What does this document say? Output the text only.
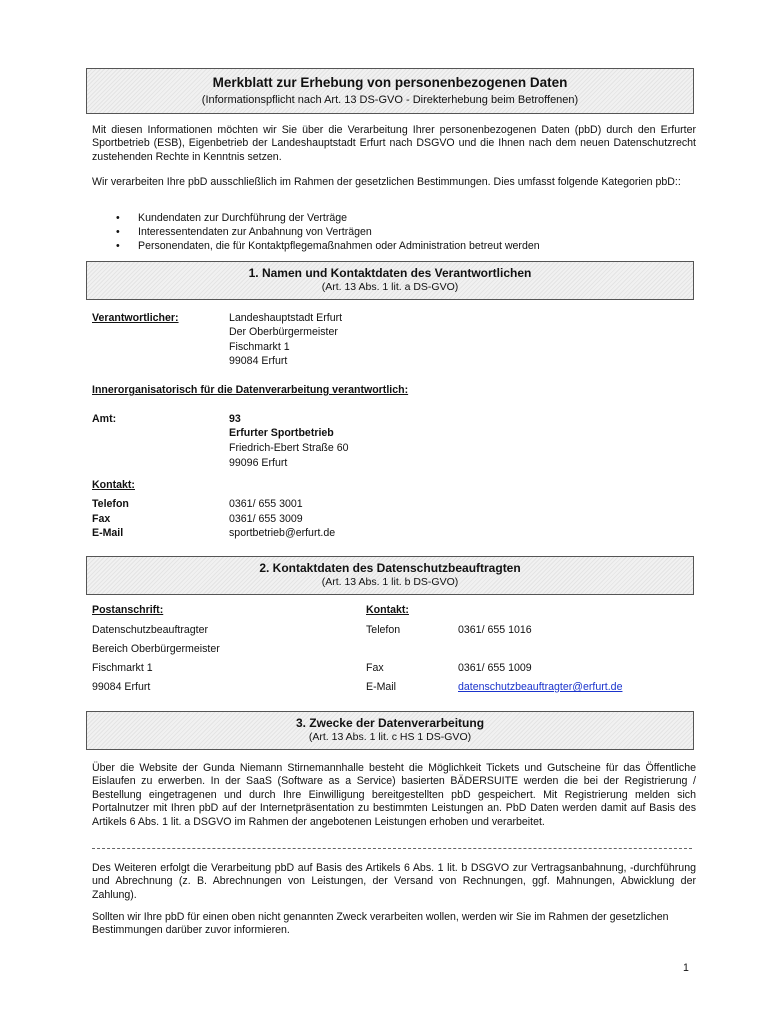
Merkblatt zur Erhebung von personenbezogenen Daten
(Informationspflicht nach Art. 13 DS-GVO - Direkterhebung beim Betroffenen)
Mit diesen Informationen möchten wir Sie über die Verarbeitung Ihrer personenbezogenen Daten (pbD) durch den Erfurter Sportbetrieb (ESB), Eigenbetrieb der Landeshauptstadt Erfurt nach DSGVO und die Ihnen nach dem neuen Datenschutzrecht zustehenden Rechte in Kenntnis setzen.
Wir verarbeiten Ihre pbD ausschließlich im Rahmen der gesetzlichen Bestimmungen. Dies umfasst folgende Kategorien pbD::
• Kundendaten zur Durchführung der Verträge
• Interessentendaten zur Anbahnung von Verträgen
• Personendaten, die für Kontaktpflegemaßnahmen oder Administration betreut werden
1. Namen und Kontaktdaten des Verantwortlichen
(Art. 13 Abs. 1 lit. a DS-GVO)
Verantwortlicher:	Landeshauptstadt Erfurt
Der Oberbürgermeister
Fischmarkt 1
99084 Erfurt
Innerorganisatorisch für die Datenverarbeitung verantwortlich:
Amt:	93
Erfurter Sportbetrieb
Friedrich-Ebert Straße 60
99096 Erfurt
Kontakt:
Telefon	0361/ 655 3001
Fax	0361/ 655 3009
E-Mail	sportbetrieb@erfurt.de
2. Kontaktdaten des Datenschutzbeauftragten
(Art. 13 Abs. 1 lit. b DS-GVO)
Postanschrift:	Kontakt:
Datenschutzbeauftragter	Telefon	0361/ 655 1016
Bereich Oberbürgermeister
Fischmarkt 1	Fax	0361/ 655 1009
99084 Erfurt	E-Mail	datenschutzbeauftragter@erfurt.de
3. Zwecke der Datenverarbeitung
(Art. 13 Abs. 1 lit. c HS 1 DS-GVO)
Über die Website der Gunda Niemann Stirnemannhalle besteht die Möglichkeit Tickets und Gutscheine für das Öffentliche Eislaufen zu erwerben. In der SaaS (Software as a Service) basierten BÄDERSUITE werden die bei der Registrierung / Bestellung eingetragenen und durch Ihre Einwilligung bereitgestellten pbD gespeichert. Mit Registrierung melden sich Portalnutzer mit Ihren pbD auf der Internetpräsentation zu bestimmten Leistungen an. PbD Daten werden damit auf Basis des Artikels 6 Abs. 1 lit. a DSGVO im Rahmen der angebotenen Leistungen erhoben und verarbeitet.
Des Weiteren erfolgt die Verarbeitung pbD auf Basis des Artikels 6 Abs. 1 lit. b DSGVO zur Vertragsanbahnung, -durchführung und Abrechnung (z. B. Abrechnungen von Leistungen, der Versand von Rechnungen, ggf. Mahnungen, Abwicklung der Zahlung).
Sollten wir Ihre pbD für einen oben nicht genannten Zweck verarbeiten wollen, werden wir Sie im Rahmen der gesetzlichen Bestimmungen darüber zuvor informieren.
1
